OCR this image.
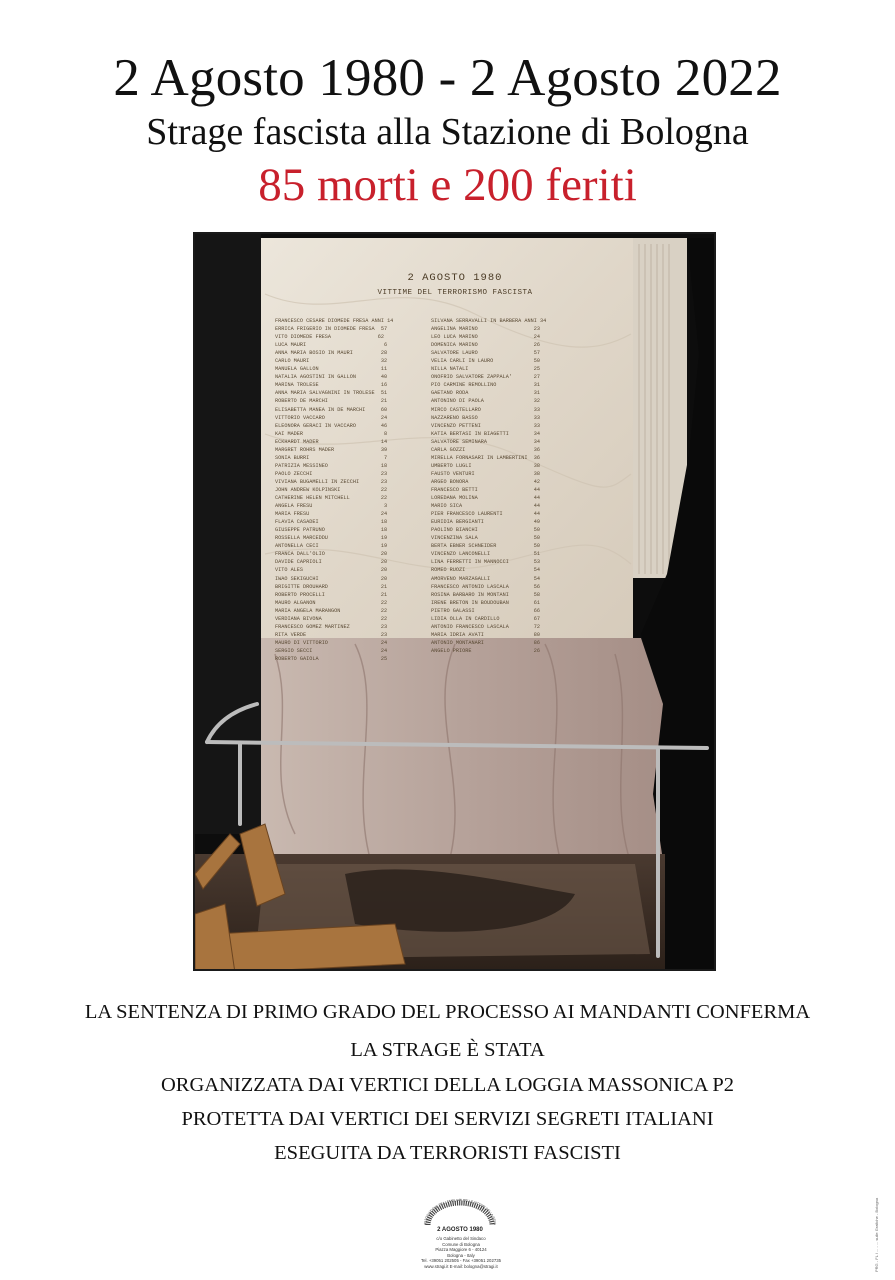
2 Agosto 1980 - 2 Agosto 2022
Strage fascista alla Stazione di Bologna
85 morti e 200 feriti
2 AGOSTO 1980
VITTIME DEL TERRORISMO FASCISTA
FRANCESCO CESARE DIOMEDE FRESA ANNI 14
ERRICA FRIGERIO IN DIOMEDE FRESA  57
VITO DIOMEDE FRESA               62
LUCA MAURI                         6
ANNA MARIA BOSIO IN MAURI         28
CARLO MAURI                       32
MANUELA GALLON                    11
NATALIA AGOSTINI IN GALLON        40
MARINA TROLESE                    16
ANNA MARIA SALVAGNINI IN TROLESE  51
ROBERTO DE MARCHI                 21
ELISABETTA MANEA IN DE MARCHI     60
VITTORIO VACCARO                  24
ELEONORA GERACI IN VACCARO        46
KAI MADER                          8
ECKHARDT MADER                    14
MARGRET ROHRS MADER               39
SONIA BURRI                        7
PATRIZIA MESSINEO                 18
PAOLO ZECCHI                      23
VIVIANA BUGAMELLI IN ZECCHI       23
JOHN ANDREW KOLPINSKI             22
CATHERINE HELEN MITCHELL          22
ANGELA FRESU                       3
MARIA FRESU                       24
FLAVIA CASADEI                    18
GIUSEPPE PATRUNO                  18
ROSSELLA MARCEDDU                 19
ANTONELLA CECI                    19
FRANCA DALL'OLIO                  20
DAVIDE CAPRIOLI                   20
VITO ALES                         20
IWAO SEKIGUCHI                    20
BRIGITTE DROUHARD                 21
ROBERTO PROCELLI                  21
MAURO ALGANON                     22
MARIA ANGELA MARANGON             22
VERDIANA BIVONA                   22
FRANCESCO GOMEZ MARTINEZ          23
RITA VERDE                        23
MAURO DI VITTORIO                 24
SERGIO SECCI                      24
ROBERTO GAIOLA                    25
SILVANA SERRAVALLI IN BARBERA ANNI 34
ANGELINA MARINO                  23
LEO LUCA MARINO                  24
DOMENICA MARINO                  26
SALVATORE LAURO                  57
VELIA CARLI IN LAURO             50
NILLA NATALI                     25
ONOFRIO SALVATORE ZAPPALA'       27
PIO CARMINE REMOLLINO            31
GAETANO RODA                     31
ANTONINO DI PAOLA                32
MIRCO CASTELLARO                 33
NAZZARENO BASSO                  33
VINCENZO PETTENI                 33
KATIA BERTASI IN BIAGETTI        34
SALVATORE SEMINARA               34
CARLA GOZZI                      36
MIRELLA FORNASARI IN LAMBERTINI  36
UMBERTO LUGLI                    38
FAUSTO VENTURI                   38
ARGEO BONORA                     42
FRANCESCO BETTI                  44
LOREDANA MOLINA                  44
MARIO SICA                       44
PIER FRANCESCO LAURENTI          44
EURIDIA BERGIANTI                49
PAOLINO BIANCHI                  50
VINCENZINA SALA                  50
BERTA EBNER SCHNEIDER            50
VINCENZO LANCONELLI              51
LINA FERRETTI IN MANNOCCI        53
ROMEO RUOZI                      54
AMORVENO MARZAGALLI              54
FRANCESCO ANTONIO LASCALA        56
ROSINA BARBARO IN MONTANI        58
IRENE BRETON IN BOUDOUBAN        61
PIETRO GALASSI                   66
LIDIA OLLA IN CARDILLO           67
ANTONIO FRANCESCO LASCALA        72
MARIA IDRIA AVATI                80
ANTONIO MONTANARI                86
ANGELO PRIORE                    26
LA SENTENZA DI PRIMO GRADO DEL PROCESSO AI MANDANTI CONFERMA
LA STRAGE È STATA
ORGANIZZATA DAI VERTICI DELLA LOGGIA MASSONICA P2
PROTETTA DAI VERTICI DEI SERVIZI SEGRETI ITALIANI
ESEGUITA DA TERRORISTI FASCISTI
2 AGOSTO 1980
ASSOCIAZIONE TRA I FAMILIARI DELLE VITTIME DELLA STRA
c/o Gabinetto del Sindaco
Comune di Bologna
Piazza Maggiore 6 - 40124
Bologna - Italy
Tel. +39051 202505 - Fax +39051 202735
www.stragi.it E-mail: bologna@stragi.it	PRG - FL / ... - ... sulle Grafiche - Bologna
